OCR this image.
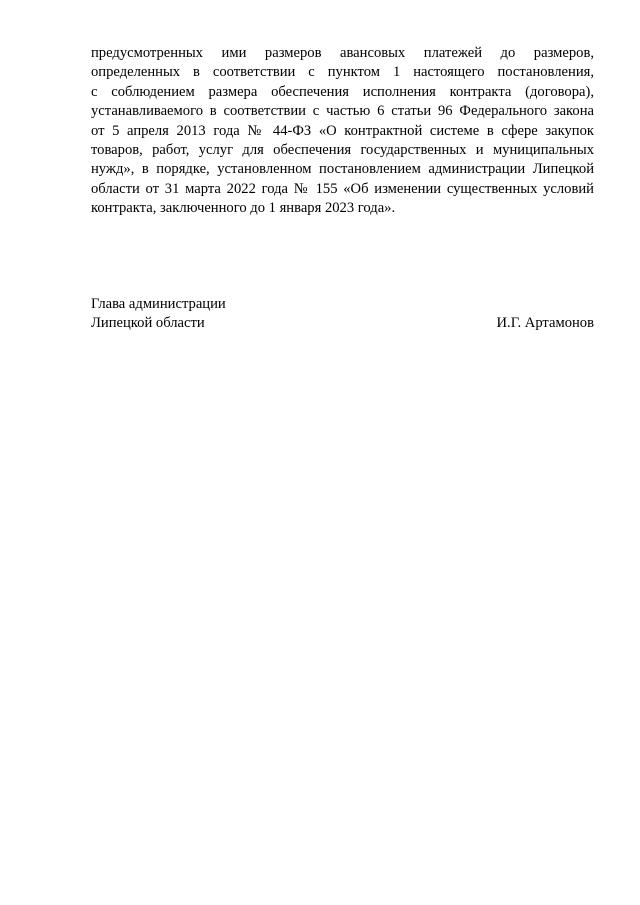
предусмотренных ими размеров авансовых платежей до размеров,
определенных в соответствии с пунктом 1 настоящего постановления,
с соблюдением размера обеспечения исполнения контракта (договора),
устанавливаемого в соответствии с частью 6 статьи 96 Федерального закона
от 5 апреля 2013 года № 44-ФЗ «О контрактной системе в сфере закупок
товаров, работ, услуг для обеспечения государственных и муниципальных
нужд», в порядке, установленном постановлением администрации Липецкой
области от 31 марта 2022 года № 155 «Об изменении существенных условий
контракта, заключенного до 1 января 2023 года».
Глава администрации
Липецкой области	И.Г. Артамонов
